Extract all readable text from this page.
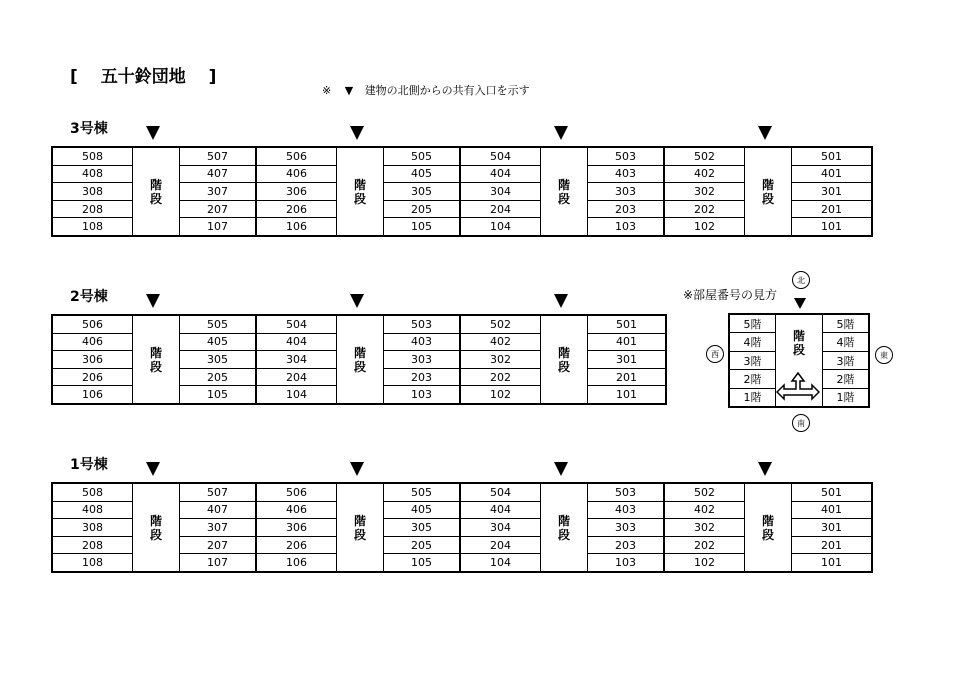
[　 五十鈴団地　 ]
※ ▼ 建物の北側からの共有入口を示す
3号棟
508
408
308
208
108
階
段
507
407
307
207
107
506
406
306
206
106
階
段
505
405
305
205
105
504
404
304
204
104
階
段
503
403
303
203
103
502
402
302
202
102
階
段
501
401
301
201
101
2号棟
506
406
306
206
106
階
段
505
405
305
205
105
504
404
304
204
104
階
段
503
403
303
203
103
502
402
302
202
102
階
段
501
401
301
201
101
1号棟
508
408
308
208
108
階
段
507
407
307
207
107
506
406
306
206
106
階
段
505
405
305
205
105
504
404
304
204
104
階
段
503
403
303
203
103
502
402
302
202
102
階
段
501
401
301
201
101
※部屋番号の見方
北
西	東
南
5階
4階
3階
2階
1階
階
段
5階
4階
3階
2階
1階
